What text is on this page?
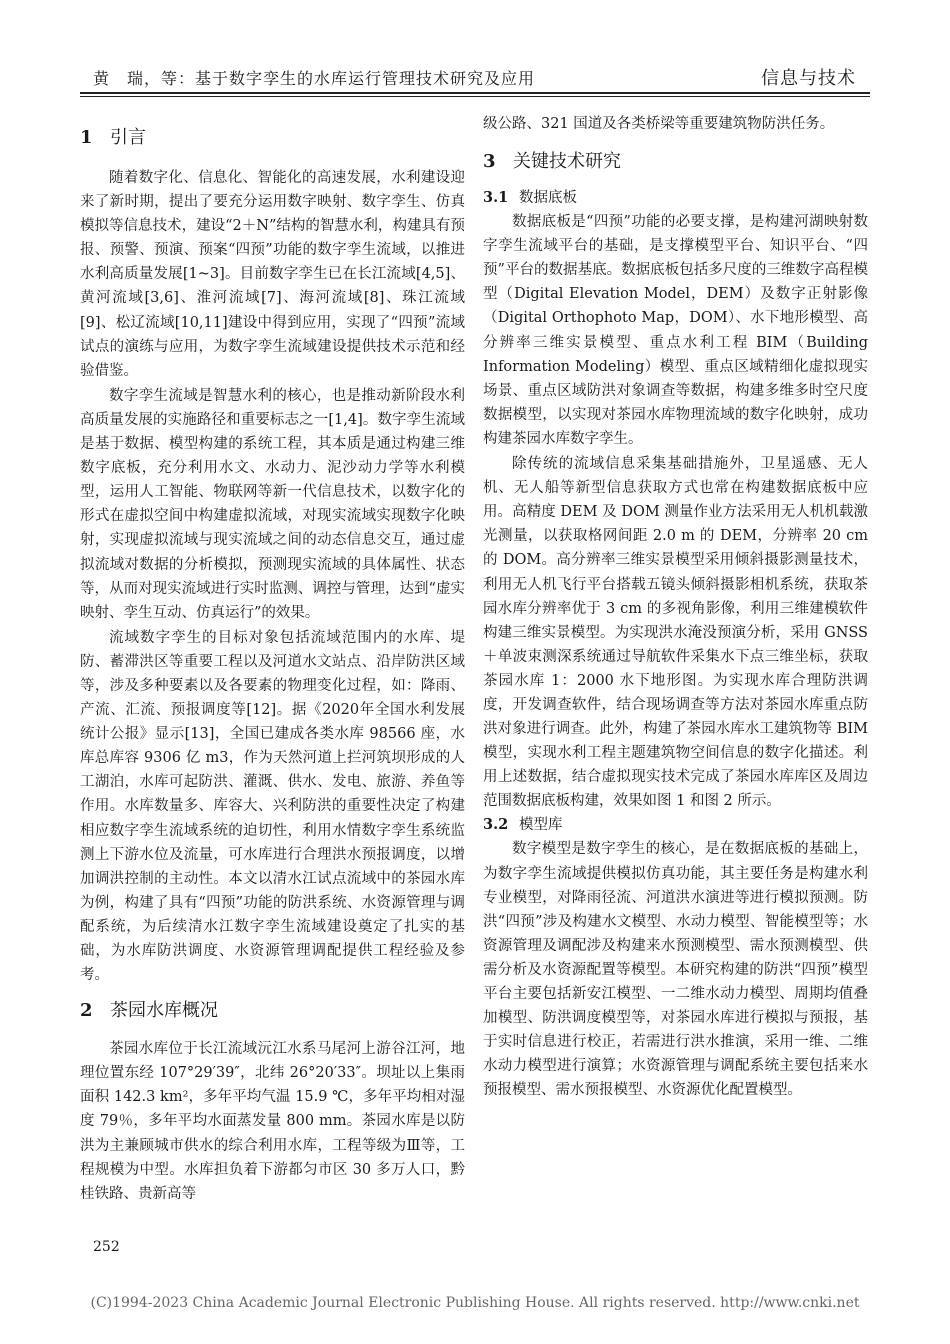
黄　瑞，等：基于数字孪生的水库运行管理技术研究及应用	信息与技术
1 引言

随着数字化、信息化、智能化的高速发展，水利建设迎来了新时期，提出了要充分运用数字映射、数字孪生、仿真模拟等信息技术，建设“2＋N”结构的智慧水利，构建具有预报、预警、预演、预案“四预”功能的数字孪生流域，以推进水利高质量发展[1~3]。目前数字孪生已在长江流域[4,5]、黄河流域[3,6]、淮河流域[7]、海河流域[8]、珠江流域[9]、松辽流域[10,11]建设中得到应用，实现了“四预”流域试点的演练与应用，为数字孪生流域建设提供技术示范和经验借鉴。

数字孪生流域是智慧水利的核心，也是推动新阶段水利高质量发展的实施路径和重要标志之一[1,4]。数字孪生流域是基于数据、模型构建的系统工程，其本质是通过构建三维数字底板，充分利用水文、水动力、泥沙动力学等水利模型，运用人工智能、物联网等新一代信息技术，以数字化的形式在虚拟空间中构建虚拟流域，对现实流域实现数字化映射，实现虚拟流域与现实流域之间的动态信息交互，通过虚拟流域对数据的分析模拟，预测现实流域的具体属性、状态等，从而对现实流域进行实时监测、调控与管理，达到“虚实映射、孪生互动、仿真运行”的效果。

流域数字孪生的目标对象包括流域范围内的水库、堤防、蓄滞洪区等重要工程以及河道水文站点、沿岸防洪区域等，涉及多种要素以及各要素的物理变化过程，如：降雨、产流、汇流、预报调度等[12]。据《2020年全国水利发展统计公报》显示[13]，全国已建成各类水库 98566 座，水库总库容 9306 亿 m3，作为天然河道上拦河筑坝形成的人工湖泊，水库可起防洪、灌溉、供水、发电、旅游、养鱼等作用。水库数量多、库容大、兴利防洪的重要性决定了构建相应数字孪生流域系统的迫切性，利用水情数字孪生系统监测上下游水位及流量，可水库进行合理洪水预报调度，以增加调洪控制的主动性。本文以清水江试点流域中的茶园水库为例，构建了具有“四预”功能的防洪系统、水资源管理与调配系统，为后续清水江数字孪生流域建设奠定了扎实的基础，为水库防洪调度、水资源管理调配提供工程经验及参考。

2 茶园水库概况

茶园水库位于长江流域沅江水系马尾河上游谷江河，地理位置东经 107°29′39″，北纬 26°20′33″。坝址以上集雨面积 142.3 km²，多年平均气温 15.9 ℃，多年平均相对湿度 79％，多年平均水面蒸发量 800 mm。茶园水库是以防洪为主兼顾城市供水的综合利用水库，工程等级为Ⅲ等，工程规模为中型。水库担负着下游都匀市区 30 多万人口，黔桂铁路、贵新高等

级公路、321 国道及各类桥梁等重要建筑物防洪任务。

3 关键技术研究
3.1 数据底板

数据底板是“四预”功能的必要支撑，是构建河湖映射数字孪生流域平台的基础，是支撑模型平台、知识平台、“四预”平台的数据基底。数据底板包括多尺度的三维数字高程模型（Digital Elevation Model，DEM）及数字正射影像（Digital Orthophoto Map，DOM）、水下地形模型、高分辨率三维实景模型、重点水利工程 BIM（Building Information Modeling）模型、重点区域精细化虚拟现实场景、重点区域防洪对象调查等数据，构建多维多时空尺度数据模型，以实现对茶园水库物理流域的数字化映射，成功构建茶园水库数字孪生。

除传统的流域信息采集基础措施外，卫星遥感、无人机、无人船等新型信息获取方式也常在构建数据底板中应用。高精度 DEM 及 DOM 测量作业方法采用无人机机载激光测量，以获取格网间距 2.0 m 的 DEM，分辨率 20 cm 的 DOM。高分辨率三维实景模型采用倾斜摄影测量技术，利用无人机飞行平台搭载五镜头倾斜摄影相机系统，获取茶园水库分辨率优于 3 cm 的多视角影像，利用三维建模软件构建三维实景模型。为实现洪水淹没预演分析，采用 GNSS＋单波束测深系统通过导航软件采集水下点三维坐标，获取茶园水库 1：2000 水下地形图。为实现水库合理防洪调度，开发调查软件，结合现场调查等方法对茶园水库重点防洪对象进行调查。此外，构建了茶园水库水工建筑物等 BIM 模型，实现水利工程主题建筑物空间信息的数字化描述。利用上述数据，结合虚拟现实技术完成了茶园水库库区及周边范围数据底板构建，效果如图 1 和图 2 所示。

3.2 模型库

数字模型是数字孪生的核心，是在数据底板的基础上，为数字孪生流域提供模拟仿真功能，其主要任务是构建水利专业模型，对降雨径流、河道洪水演进等进行模拟预测。防洪“四预”涉及构建水文模型、水动力模型、智能模型等；水资源管理及调配涉及构建来水预测模型、需水预测模型、供需分析及水资源配置等模型。本研究构建的防洪“四预”模型平台主要包括新安江模型、一二维水动力模型、周期均值叠加模型、防洪调度模型等，对茶园水库进行模拟与预报，基于实时信息进行校正，若需进行洪水推演，采用一维、二维水动力模型进行演算；水资源管理与调配系统主要包括来水预报模型、需水预报模型、水资源优化配置模型。

252
(C)1994-2023 China Academic Journal Electronic Publishing House. All rights reserved. http://www.cnki.net
